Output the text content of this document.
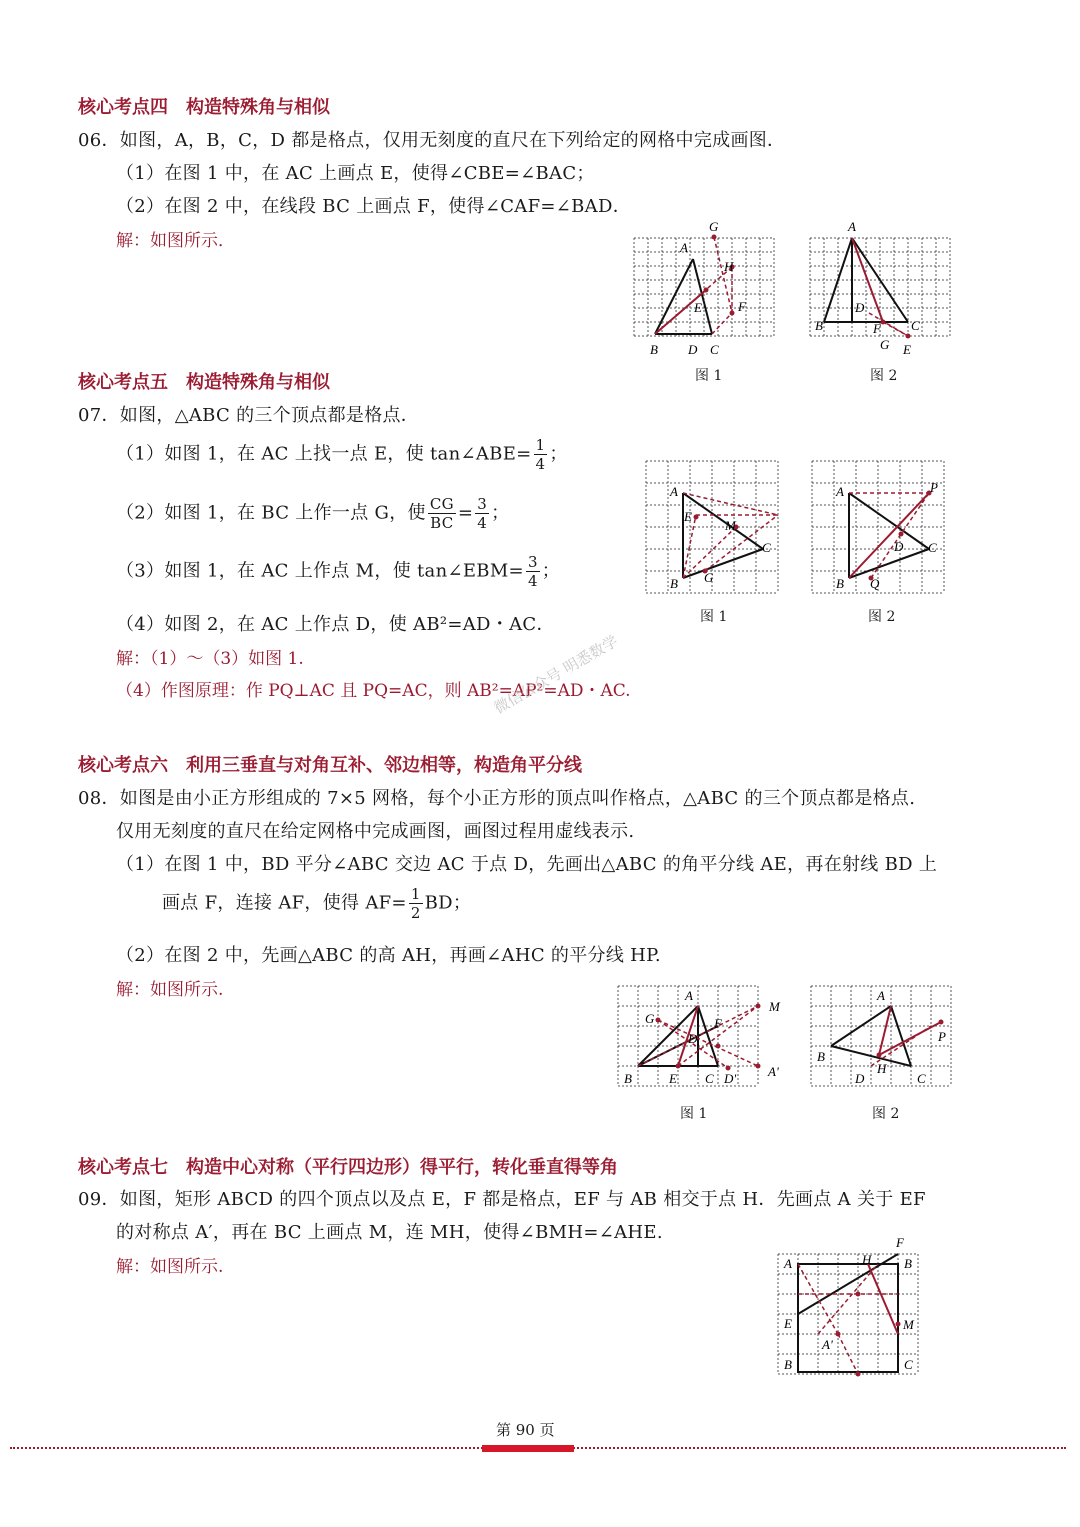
核心考点四　构造特殊角与相似
06．如图，A，B，C，D 都是格点，仅用无刻度的直尺在下列给定的网格中完成画图．
（1）在图 1 中，在 AC 上画点 E，使得∠CBE=∠BAC；
（2）在图 2 中，在线段 BC 上画点 F，使得∠CAF=∠BAD．
解：如图所示．	A
B D C
G
H
F
E
图 1
A
B
D
F C
G E
图 2
核心考点五　构造特殊角与相似
07．如图，△ABC 的三个顶点都是格点．
（1）如图 1，在 AC 上找一点 E，使 tan∠ABE= $\frac{1}{4}$ ；
（2）如图 1，在 BC 上作一点 G，使 $\frac{CG}{BC} = \frac{3}{4}$ ；
（3）如图 1，在 AC 上作点 M，使 tan∠EBM= $\frac{3}{4}$ ；
（4）如图 2，在 AC 上作点 D，使 AB²=AD・AC．
解：（1）～（3）如图 1.
（4）作图原理：作 PQ⊥AC 且 PQ=AC，则 AB²=AP²=AD・AC.
A
E
M
C
B G
图 1
A	P
D C
B Q
图 2
微信公众号 明悉数学
核心考点六　利用三垂直与对角互补、邻边相等，构造角平分线
08．如图是由小正方形组成的 7×5 网格，每个小正方形的顶点叫作格点，△ABC 的三个顶点都是格点.
仅用无刻度的直尺在给定网格中完成画图，画图过程用虚线表示.
（1）在图 1 中，BD 平分∠ABC 交边 AC 于点 D，先画出△ABC 的角平分线 AE，再在射线 BD 上
画点 F，连接 AF，使得 $AF= \frac{1}{2}$ BD；
（2）在图 2 中，先画△ABC 的高 AH，再画∠AHC 的平分线 HP.
解：如图所示.	A
G	F
M
D
B	E C D' A'
图 1
A
P
B
D
H
C
图 2
核心考点七　构造中心对称（平行四边形）得平行，转化垂直得等角
09．如图，矩形 ABCD 的四个顶点以及点 E，F 都是格点，EF 与 AB 相交于点 H．先画点 A 关于 EF
的对称点 A′，再在 BC 上画点 M，连 MH，使得∠BMH=∠AHE.
解：如图所示.
F
A	H	B
E	M
A'
B	C
第 90 页
